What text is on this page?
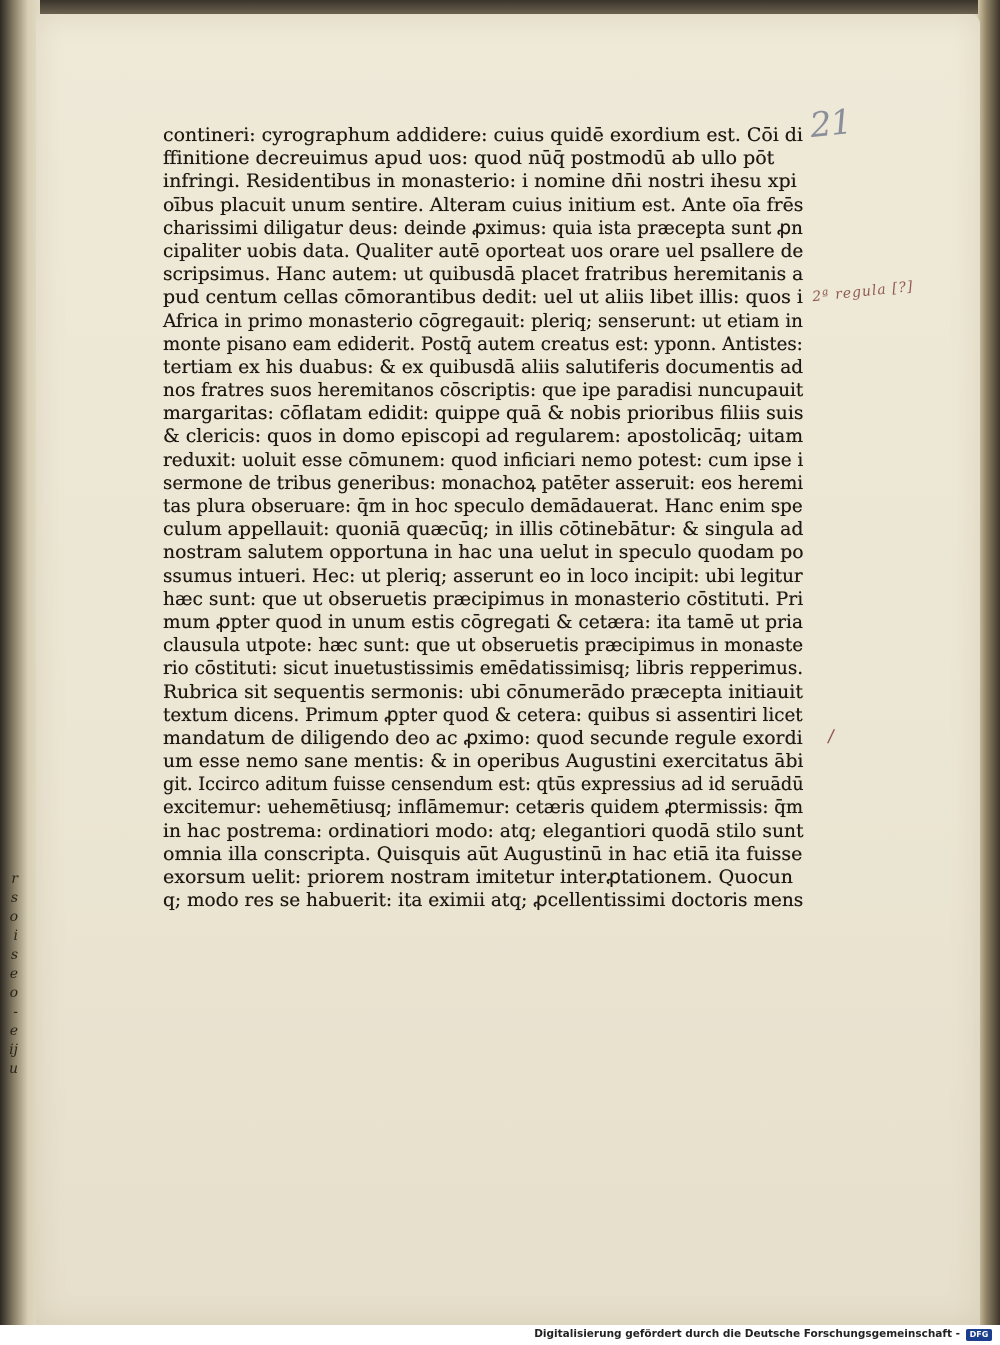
r
s
o
i
s
e
o
-
e
ij
u
21
2ª regula [?]
/
contineri: cyrographum addidere: cuius quidē exordium est. Cōi di
ffinitione decreuimus apud uos: quod nūq̄ postmodū ab ullo pōt
infringi. Residentibus in monasterio: i nomine dn̄i nostri ihesu xpi
oībus placuit unum sentire. Alteram cuius initium est. Ante oīa frēs
charissimi diligatur deus: deinde ꝓximus: quia ista præcepta sunt ꝓn
cipaliter uobis data. Qualiter autē oporteat uos orare uel psallere de
scripsimus. Hanc autem: ut quibusdā placet fratribus heremitanis a
pud centum cellas cōmorantibus dedit: uel ut aliis libet illis: quos i
Africa in primo monasterio cōgregauit: pleriq; senserunt: ut etiam in
monte pisano eam ediderit. Postq̄ autem creatus est: yponn. Antistes:
tertiam ex his duabus: & ex quibusdā aliis salutiferis documentis ad
nos fratres suos heremitanos cōscriptis: que ipe paradisi nuncupauit
margaritas: cōflatam edidit: quippe quā & nobis prioribus filiis suis
& clericis: quos in domo episcopi ad regularem: apostolicāq; uitam
reduxit: uoluit esse cōmunem: quod inficiari nemo potest: cum ipse i
sermone de tribus generibus: monachoꝝ patēter asseruit: eos heremi
tas plura obseruare: q̄m in hoc speculo demādauerat. Hanc enim spe
culum appellauit: quoniā quæcūq; in illis cōtinebātur: & singula ad
nostram salutem opportuna in hac una uelut in speculo quodam po
ssumus intueri. Hec: ut pleriq; asserunt eo in loco incipit: ubi legitur
hæc sunt: que ut obseruetis præcipimus in monasterio cōstituti. Pri
mum ꝓpter quod in unum estis cōgregati & cetæra: ita tamē ut pria
clausula utpote: hæc sunt: que ut obseruetis præcipimus in monaste
rio cōstituti: sicut inuetustissimis emēdatissimisq; libris repperimus.
Rubrica sit sequentis sermonis: ubi cōnumerādo præcepta initiauit
textum dicens. Primum ꝓpter quod & cetera: quibus si assentiri licet
mandatum de diligendo deo ac ꝓximo: quod secunde regule exordi
um esse nemo sane mentis: & in operibus Augustini exercitatus ābi
git. Iccirco aditum fuisse censendum est: qtūs expressius ad id seruādū
excitemur: uehemētiusq; inflāmemur: cetæris quidem ꝓtermissis: q̄m
in hac postrema: ordinatiori modo: atq; elegantiori quodā stilo sunt
omnia illa conscripta. Quisquis aūt Augustinū in hac etiā ita fuisse
exorsum uelit: priorem nostram imitetur interꝓtationem. Quocun
q; modo res se habuerit: ita eximii atq; ꝓcellentissimi doctoris mens
Digitalisierung gefördert durch die Deutsche Forschungsgemeinschaft -	DFG
